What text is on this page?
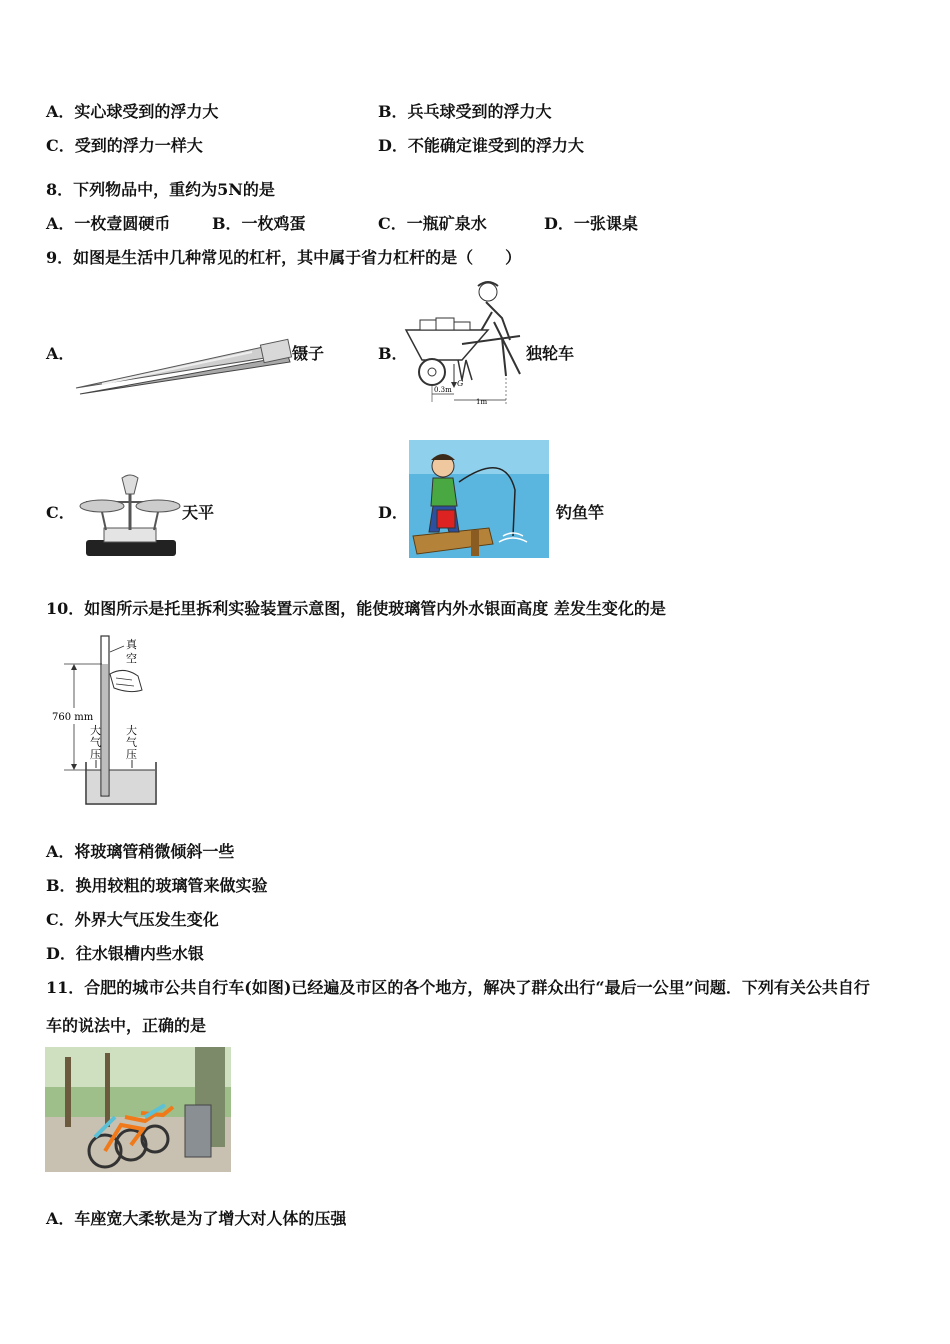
A．实心球受到的浮力大	B．兵乓球受到的浮力大
C．受到的浮力一样大	D．不能确定谁受到的浮力大
8．下列物品中，重约为5N的是
A．一枚壹圆硬币	B．一枚鸡蛋	C．一瓶矿泉水	D．一张课桌
9．如图是生活中几种常见的杠杆，其中属于省力杠杆的是（　　）
A．	镊子	B．
G
0.3m
1m
独轮车
C．	天平	D．	钓鱼竿
10．如图所示是托里拆利实验装置示意图，能使玻璃管内外水银面高度 差发生变化的是
760 mm
真
空
大
气
压
大
气
压
A．将玻璃管稍微倾斜一些
B．换用较粗的玻璃管来做实验
C．外界大气压发生变化
D．往水银槽内些水银
11．合肥的城市公共自行车(如图)已经遍及市区的各个地方，解决了群众出行“最后一公里”问题．下列有关公共自行
车的说法中，正确的是
A．车座宽大柔软是为了增大对人体的压强
